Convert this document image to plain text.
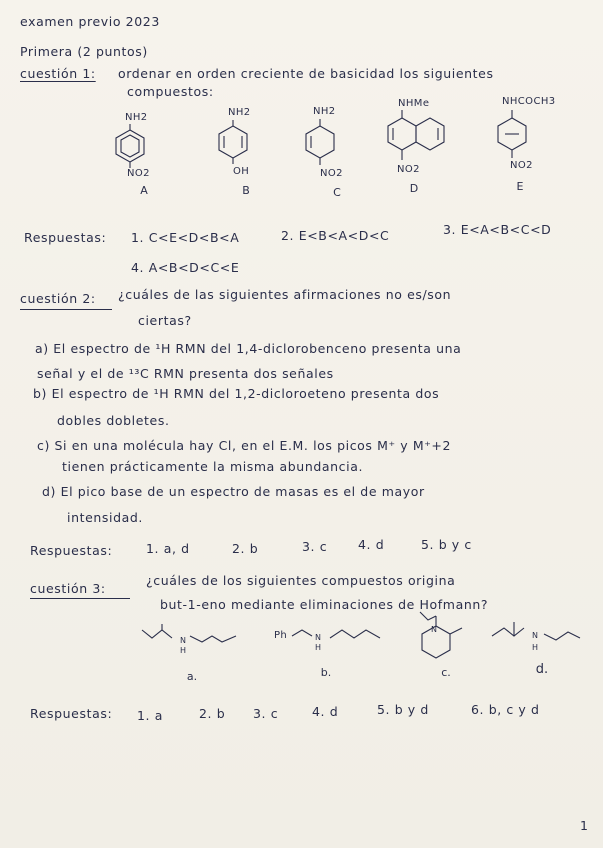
examen previo 2023
Primera (2 puntos)
cuestión 1: ordenar en orden creciente de basicidad los siguientes
compuestos:
NH2
NO2
A
NH2
OH
B
NH2
NO2
C
NHMe
NO2
D
NHCOCH3
NO2
E
Respuestas: 1. C<E<D<B<A	2. E<B<A<D<C	3. E<A<B<C<D
4. A<B<D<C<E
cuestión 2: ¿cuáles de las siguientes afirmaciones no es/son
ciertas?
a) El espectro de ¹H RMN del 1,4-diclorobenceno presenta una
señal y el de ¹³C RMN presenta dos señales
b) El espectro de ¹H RMN del 1,2-dicloroeteno presenta dos
dobles dobletes.
c) Si en una molécula hay Cl, en el E.M. los picos M⁺ y M⁺+2
tienen prácticamente la misma abundancia.
d) El pico base de un espectro de masas es el de mayor
intensidad.
Respuestas:	1. a, d	2. b	3. c 4. d	5. b y c
cuestión 3:
¿cuáles de los siguientes compuestos origina
but-1-eno mediante eliminaciones de Hofmann?
N
H
a.
Ph	N
H
b.
N
c.
N
H
d.
Respuestas: 1. a	2. b 3. c	4. d	5. b y d	6. b, c y d
1
